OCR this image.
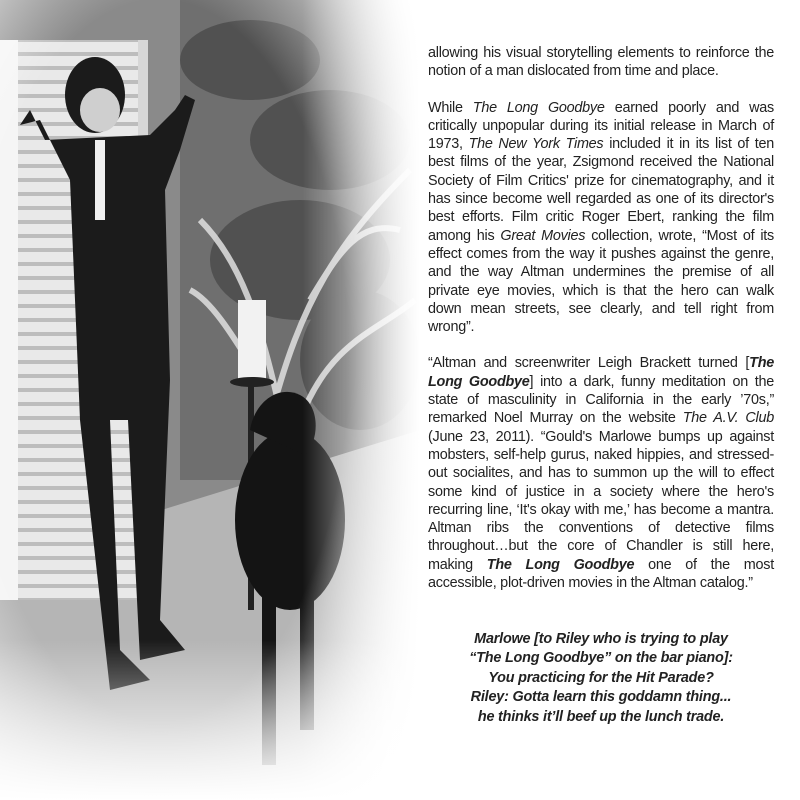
allowing his visual storytelling elements to reinforce the notion of a man dislocated from time and place.

While The Long Goodbye earned poorly and was critically unpopular during its initial release in March of 1973, The New York Times included it in its list of ten best films of the year, Zsigmond received the National Society of Film Critics' prize for cinematography, and it has since become well regarded as one of its director's best efforts. Film critic Roger Ebert, ranking the film among his Great Movies collection, wrote, “Most of its effect comes from the way it pushes against the genre, and the way Altman undermines the premise of all private eye movies, which is that the hero can walk down mean streets, see clearly, and tell right from wrong”.

“Altman and screenwriter Leigh Brackett turned [The Long Goodbye] into a dark, funny meditation on the state of masculinity in California in the early ’70s,” remarked Noel Murray on the website The A.V. Club (June 23, 2011). “Gould's Marlowe bumps up against mobsters, self-help gurus, naked hippies, and stressed-out socialites, and has to summon up the will to effect some kind of justice in a society where the hero's recurring line, ‘It's okay with me,’ has become a mantra. Altman ribs the conventions of detective films throughout…but the core of Chandler is still here, making The Long Goodbye one of the most accessible, plot-driven movies in the Altman catalog.”

Marlowe [to Riley who is trying to play
“The Long Goodbye” on the bar piano]:
You practicing for the Hit Parade?
Riley: Gotta learn this goddamn thing...
he thinks it’ll beef up the lunch trade.
